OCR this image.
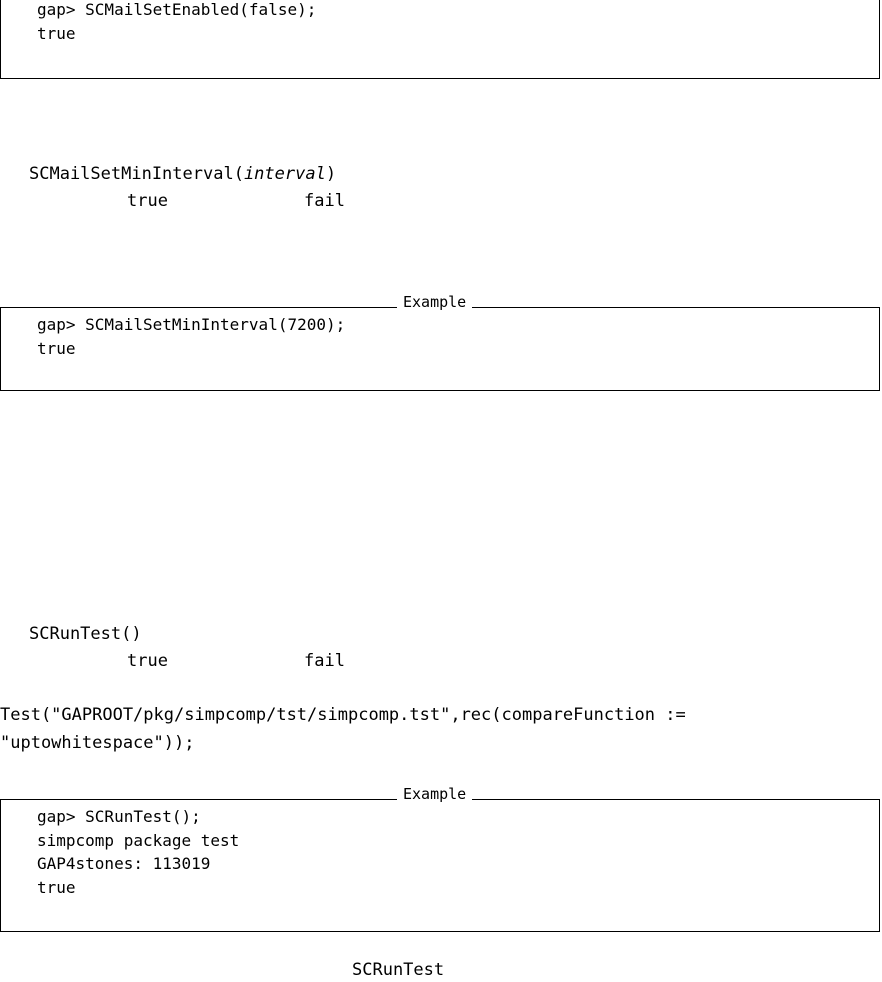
gap> SCMailSetEnabled(false);
true
SCMailSetMinInterval(interval)
true	fail
Example
gap> SCMailSetMinInterval(7200);
true
SCRunTest()
true	fail
Test("GAPROOT/pkg/simpcomp/tst/simpcomp.tst",rec(compareFunction :=
"uptowhitespace"));
Example
gap> SCRunTest();
simpcomp package test
GAP4stones: 113019
true
SCRunTest
